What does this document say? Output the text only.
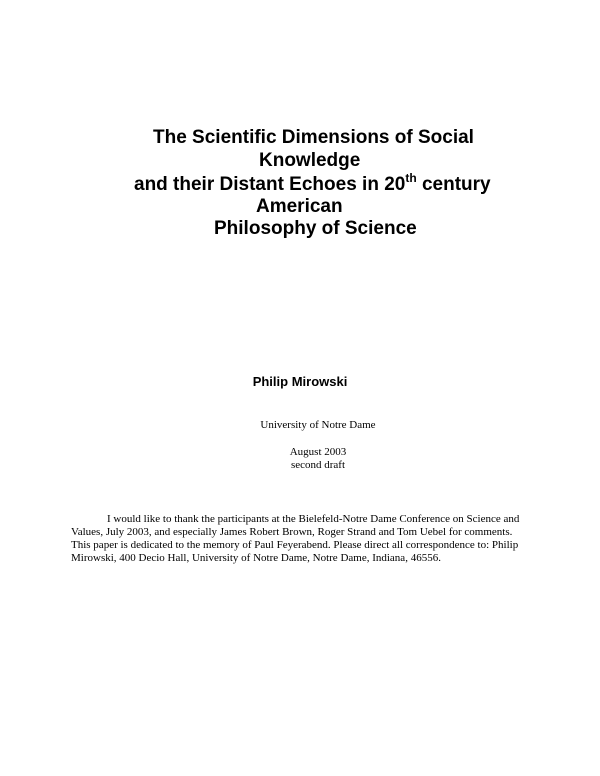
The Scientific Dimensions of Social
Knowledge
and their Distant Echoes in 20th century
American
Philosophy of Science
Philip Mirowski
University of Notre Dame
August 2003
second draft

I would like to thank the participants at the Bielefeld-Notre Dame Conference on Science and Values, July 2003, and especially James Robert Brown, Roger Strand and Tom Uebel for comments. This paper is dedicated to the memory of Paul Feyerabend. Please direct all correspondence to: Philip Mirowski, 400 Decio Hall, University of Notre Dame, Notre Dame, Indiana, 46556.
